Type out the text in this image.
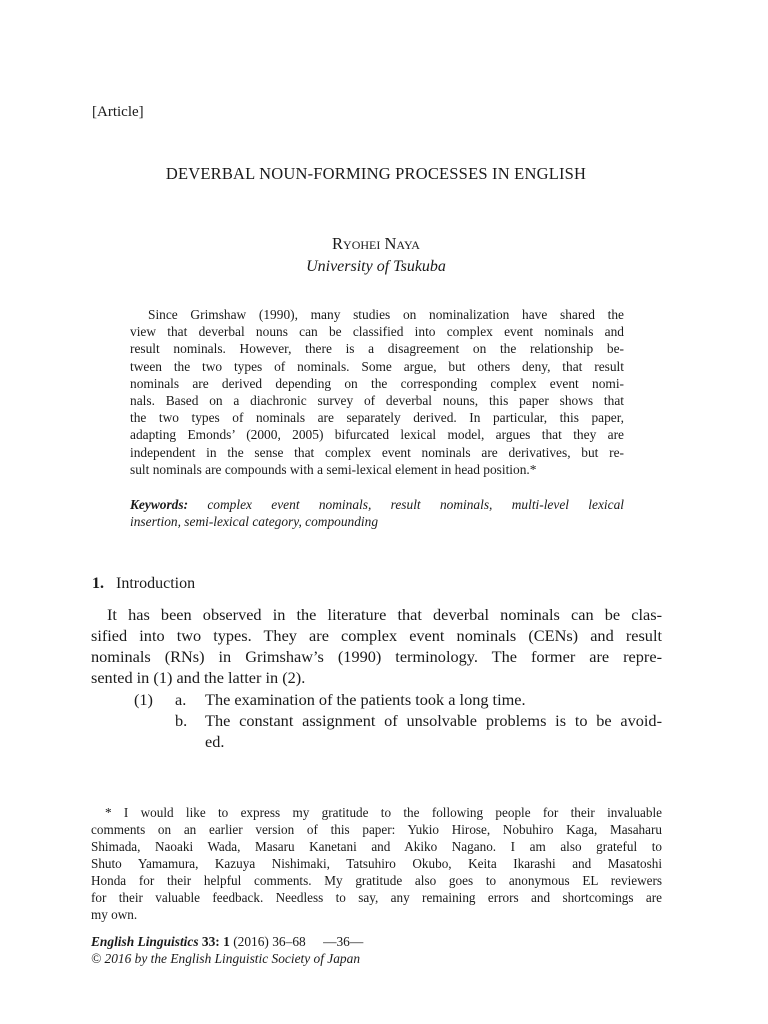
[Article]
DEVERBAL NOUN-FORMING PROCESSES IN ENGLISH
Ryohei Naya
University of Tsukuba
Since Grimshaw (1990), many studies on nominalization have shared the
view that deverbal nouns can be classified into complex event nominals and
result nominals. However, there is a disagreement on the relationship be-
tween the two types of nominals. Some argue, but others deny, that result
nominals are derived depending on the corresponding complex event nomi-
nals. Based on a diachronic survey of deverbal nouns, this paper shows that
the two types of nominals are separately derived. In particular, this paper,
adapting Emonds’ (2000, 2005) bifurcated lexical model, argues that they are
independent in the sense that complex event nominals are derivatives, but re-
sult nominals are compounds with a semi-lexical element in head position.*
Keywords: complex event nominals, result nominals, multi-level lexical
insertion, semi-lexical category, compounding
1. Introduction
It has been observed in the literature that deverbal nominals can be clas-
sified into two types. They are complex event nominals (CENs) and result
nominals (RNs) in Grimshaw’s (1990) terminology. The former are repre-
sented in (1) and the latter in (2).
(1) a. The examination of the patients took a long time.
b. The constant assignment of unsolvable problems is to be avoid-
ed.
* I would like to express my gratitude to the following people for their invaluable
comments on an earlier version of this paper: Yukio Hirose, Nobuhiro Kaga, Masaharu
Shimada, Naoaki Wada, Masaru Kanetani and Akiko Nagano. I am also grateful to
Shuto Yamamura, Kazuya Nishimaki, Tatsuhiro Okubo, Keita Ikarashi and Masatoshi
Honda for their helpful comments. My gratitude also goes to anonymous EL reviewers
for their valuable feedback. Needless to say, any remaining errors and shortcomings are
my own.
English Linguistics 33: 1 (2016) 36–68 —36—
© 2016 by the English Linguistic Society of Japan
